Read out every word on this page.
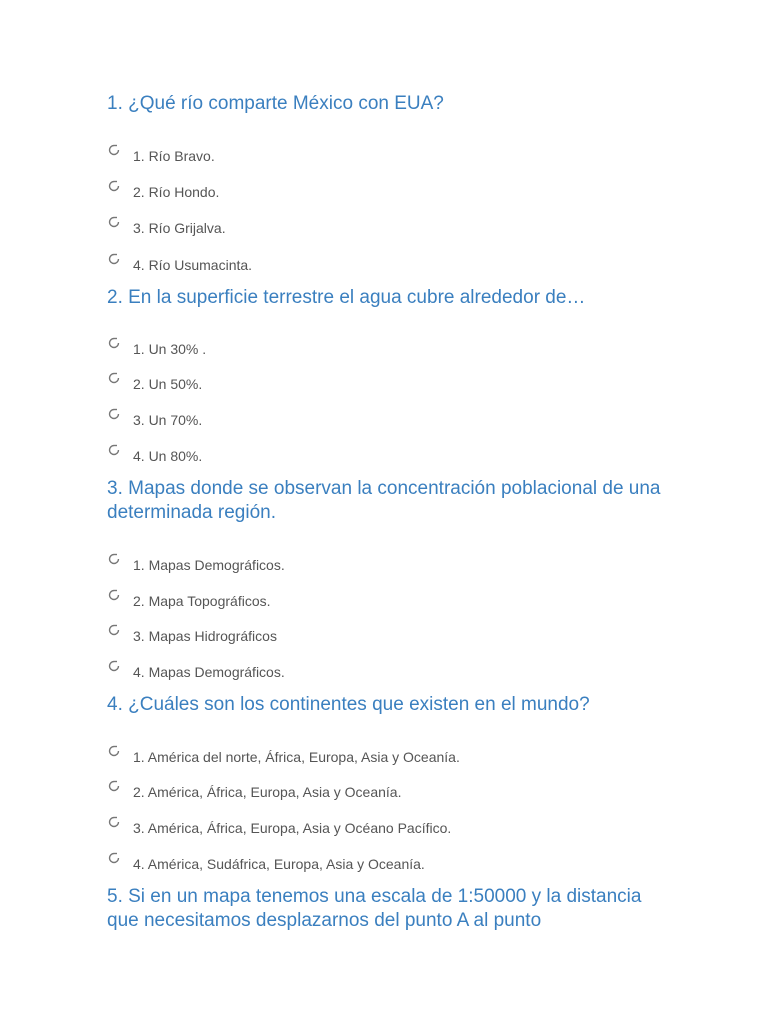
1. ¿Qué río comparte México con EUA?
1. Río Bravo.
2. Río Hondo.
3. Río Grijalva.
4. Río Usumacinta.
2. En la superficie terrestre el agua cubre alrededor de…
1. Un 30% .
2. Un 50%.
3. Un 70%.
4. Un 80%.
3. Mapas donde se observan la concentración poblacional de una determinada región.
1. Mapas Demográficos.
2. Mapa Topográficos.
3. Mapas Hidrográficos
4. Mapas Demográficos.
4. ¿Cuáles son los continentes que existen en el mundo?
1. América del norte, África, Europa, Asia y Oceanía.
2. América, África, Europa, Asia y Oceanía.
3. América, África, Europa, Asia y Océano Pacífico.
4. América, Sudáfrica, Europa, Asia y Oceanía.
5. Si en un mapa tenemos una escala de 1:50000 y la distancia que necesitamos desplazarnos del punto A al punto
